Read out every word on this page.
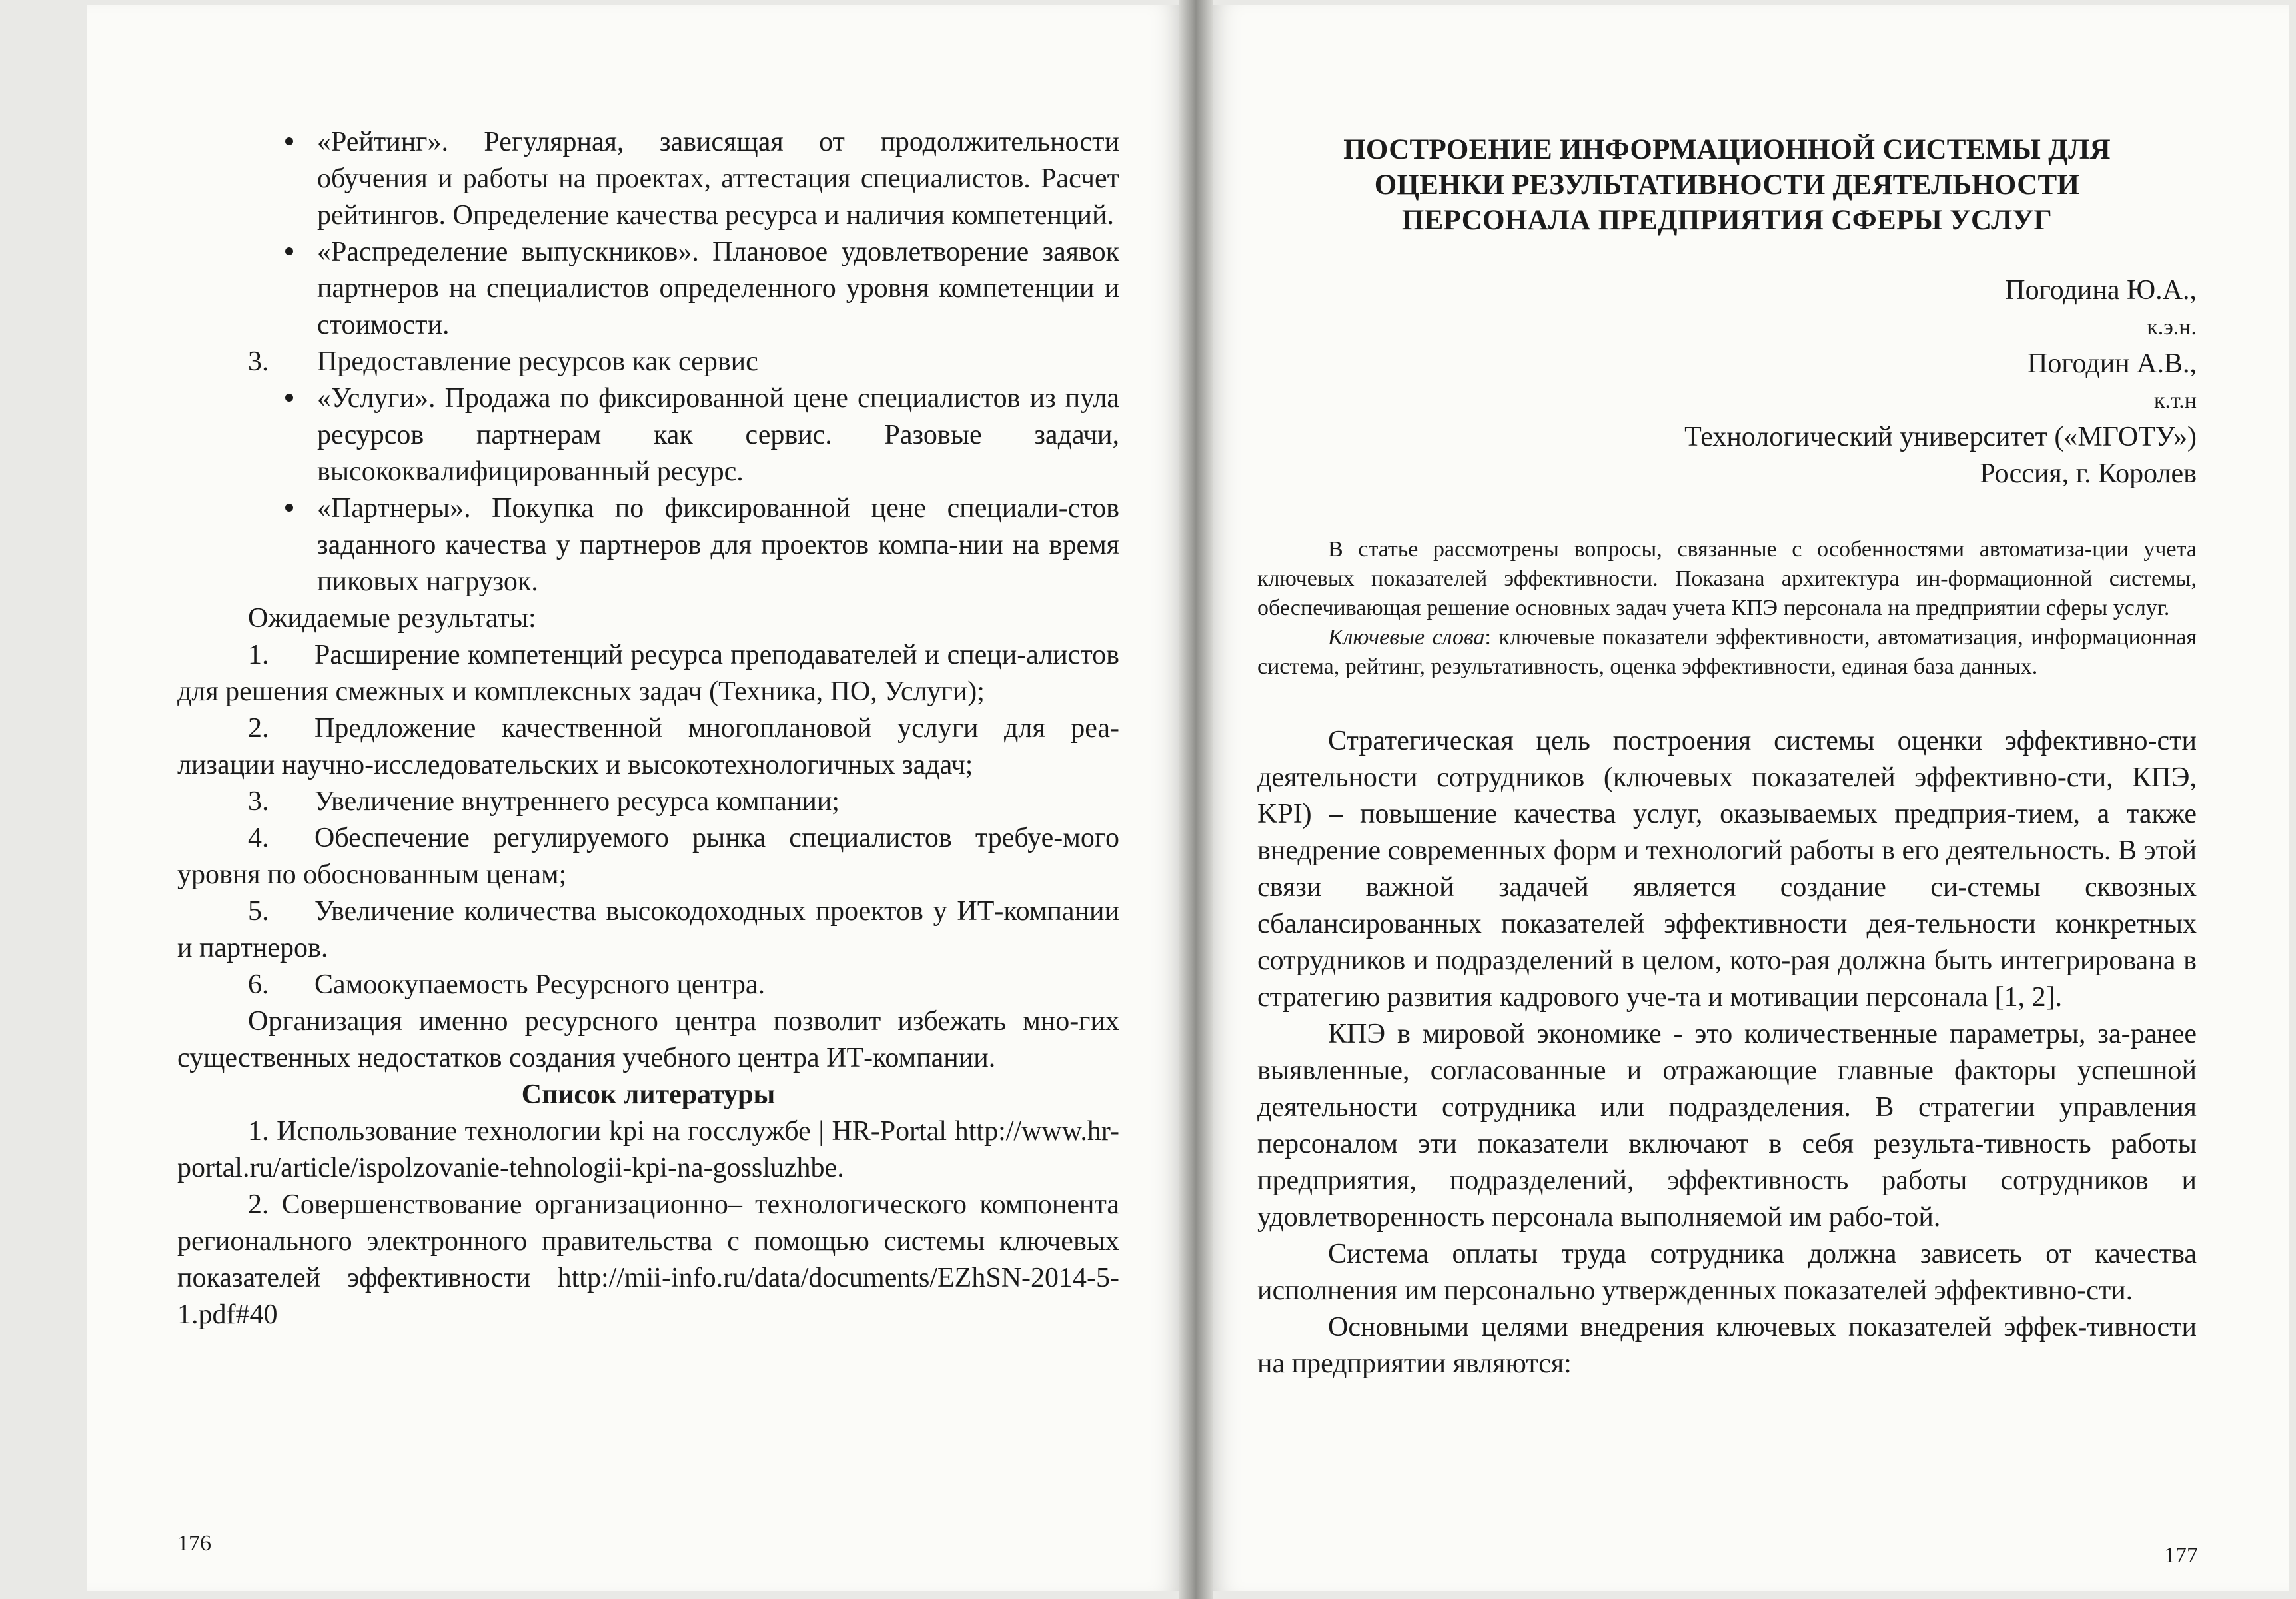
«Рейтинг». Регулярная, зависящая от продолжительности обучения и работы на проектах, аттестация специалистов. Расчет рейтингов. Определение качества ресурса и наличия компетенций.
«Распределение выпускников». Плановое удовлетворение заявок партнеров на специалистов определенного уровня компетенции и стоимости.

3. Предоставление ресурсов как сервис

«Услуги». Продажа по фиксированной цене специалистов из пула ресурсов партнерам как сервис. Разовые задачи, высококвалифицированный ресурс.
«Партнеры». Покупка по фиксированной цене специали-стов заданного качества у партнеров для проектов компа-нии на время пиковых нагрузок.

Ожидаемые результаты:

1. Расширение компетенций ресурса преподавателей и специ-алистов для решения смежных и комплексных задач (Техника, ПО, Услуги);

2. Предложение качественной многоплановой услуги для реа-лизации научно-исследовательских и высокотехнологичных задач;

3. Увеличение внутреннего ресурса компании;

4. Обеспечение регулируемого рынка специалистов требуе-мого уровня по обоснованным ценам;

5. Увеличение количества высокодоходных проектов у ИТ-компании и партнеров.

6. Самоокупаемость Ресурсного центра.

Организация именно ресурсного центра позволит избежать мно-гих существенных недостатков создания учебного центра ИТ-компании.

Список литературы

1. Использование технологии kpi на госслужбе | HR-Portal http://www.hr-portal.ru/article/ispolzovanie-tehnologii-kpi-na-gossluzhbe.

2. Совершенствование организационно– технологического компонента регионального электронного правительства с помощью системы ключевых показателей эффективности http://mii-info.ru/data/documents/EZhSN-2014-5-1.pdf#40

176
ПОСТРОЕНИЕ ИНФОРМАЦИОННОЙ СИСТЕМЫ ДЛЯ
ОЦЕНКИ РЕЗУЛЬТАТИВНОСТИ ДЕЯТЕЛЬНОСТИ
ПЕРСОНАЛА ПРЕДПРИЯТИЯ СФЕРЫ УСЛУГ
Погодина Ю.А.,
к.э.н.
Погодин А.В.,
к.т.н
Технологический университет («МГОТУ»)
Россия, г. Королев

В статье рассмотрены вопросы, связанные с особенностями автоматиза-ции учета ключевых показателей эффективности. Показана архитектура ин-формационной системы, обеспечивающая решение основных задач учета КПЭ персонала на предприятии сферы услуг.

Ключевые слова: ключевые показатели эффективности, автоматизация, информационная система, рейтинг, результативность, оценка эффективности, единая база данных.

Стратегическая цель построения системы оценки эффективно-сти деятельности сотрудников (ключевых показателей эффективно-сти, КПЭ, KPI) – повышение качества услуг, оказываемых предприя-тием, а также внедрение современных форм и технологий работы в его деятельность. В этой связи важной задачей является создание си-стемы сквозных сбалансированных показателей эффективности дея-тельности конкретных сотрудников и подразделений в целом, кото-рая должна быть интегрирована в стратегию развития кадрового уче-та и мотивации персонала [1, 2].

КПЭ в мировой экономике - это количественные параметры, за-ранее выявленные, согласованные и отражающие главные факторы успешной деятельности сотрудника или подразделения. В стратегии управления персоналом эти показатели включают в себя результа-тивность работы предприятия, подразделений, эффективность работы сотрудников и удовлетворенность персонала выполняемой им рабо-той.

Система оплаты труда сотрудника должна зависеть от качества исполнения им персонально утвержденных показателей эффективно-сти.

Основными целями внедрения ключевых показателей эффек-тивности на предприятии являются:

177
